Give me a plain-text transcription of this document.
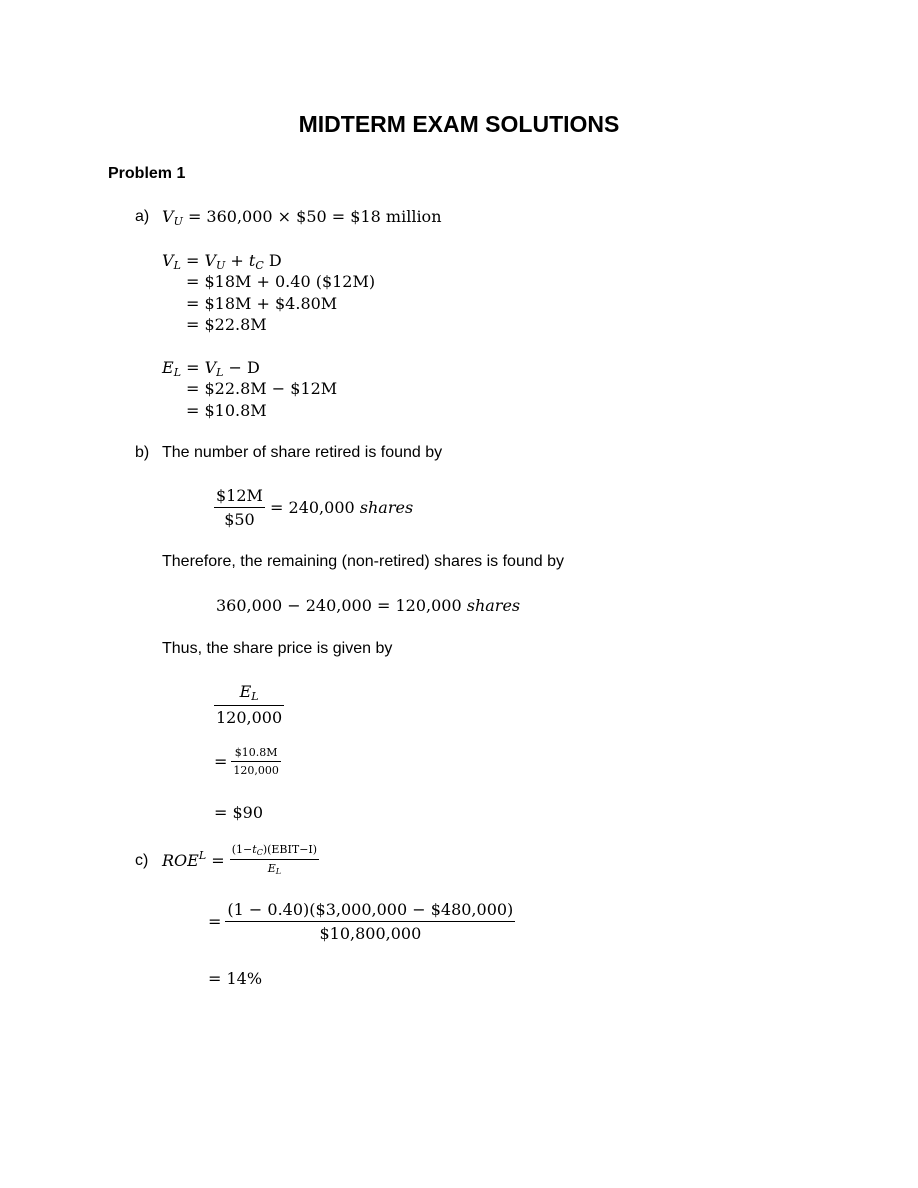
MIDTERM EXAM SOLUTIONS
Problem 1
a) $V_U = 360,000$ × $50 = $18 million
$V_L = V_U + t_C$ D
= $18M + 0.40 ($12M)
= $18M + $4.80M
= $22.8M
$E_L = V_L - D$
= $22.8M − $12M
= $10.8M
b) The number of share retired is found by
$\frac{\$12M}{\$50} = 240,000$ shares
Therefore, the remaining (non-retired) shares is found by
360,000 − 240,000 = 120,000 shares
Thus, the share price is given by
$\frac{E_L}{120,000}$
= $\frac{\$10.8M}{120,000}$
= $90
c) $ROE^L = \frac{(1-t_C)(EBIT-I)}{E_L}$
= $\frac{(1 - 0.40)(\$3,000,000 - \$480,000)}{\$10,800,000}$
= 14%
